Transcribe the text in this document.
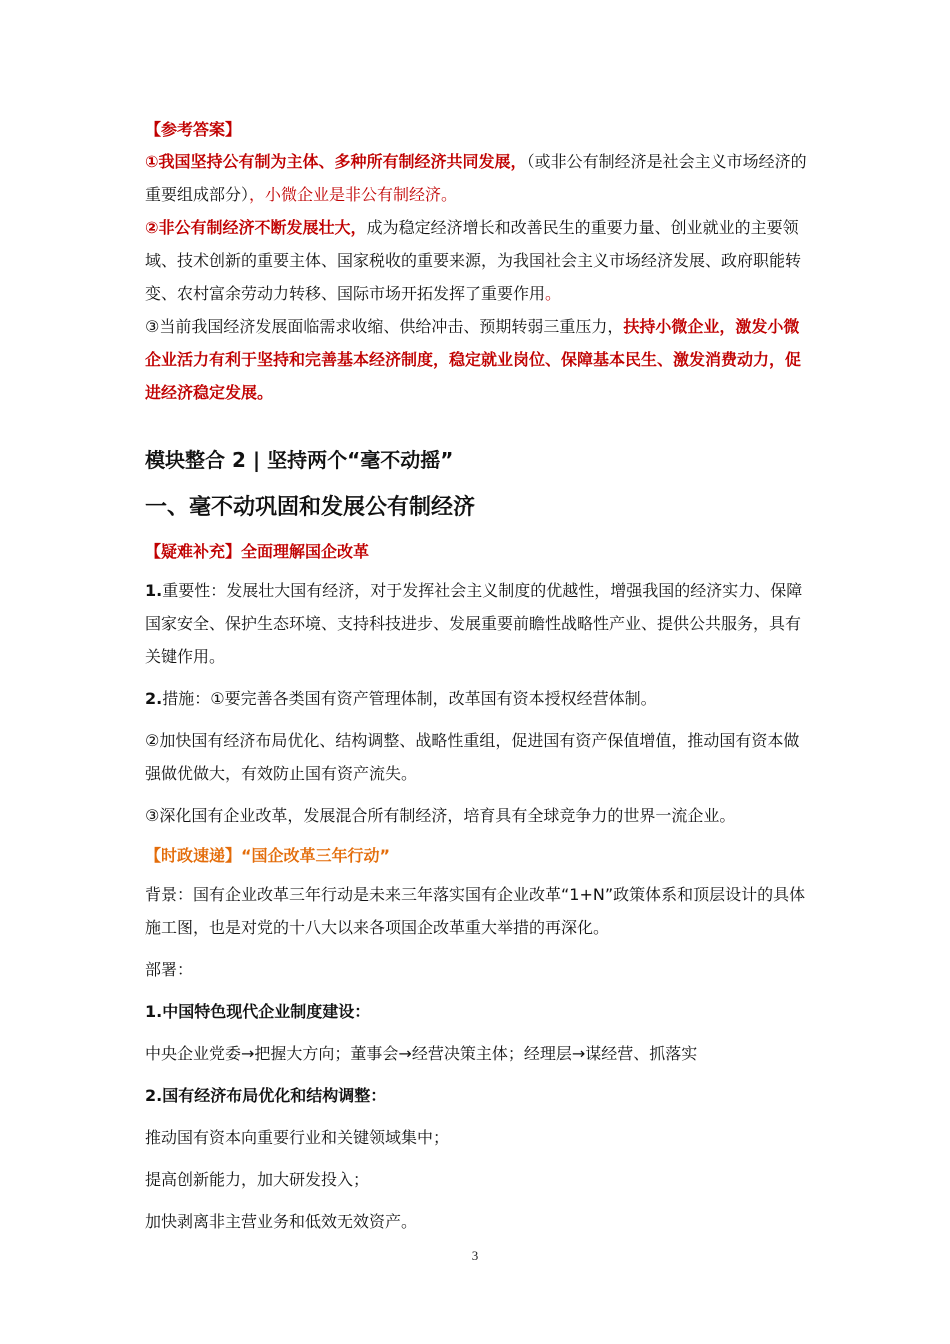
【参考答案】

①我国坚持公有制为主体、多种所有制经济共同发展，（或非公有制经济是社会主义市场经济的重要组成部分），小微企业是非公有制经济。

②非公有制经济不断发展壮大，成为稳定经济增长和改善民生的重要力量、创业就业的主要领域、技术创新的重要主体、国家税收的重要来源，为我国社会主义市场经济发展、政府职能转变、农村富余劳动力转移、国际市场开拓发挥了重要作用。

③当前我国经济发展面临需求收缩、供给冲击、预期转弱三重压力，扶持小微企业，激发小微企业活力有利于坚持和完善基本经济制度，稳定就业岗位、保障基本民生、激发消费动力，促进经济稳定发展。

模块整合 2 | 坚持两个“毫不动摇”

一、毫不动巩固和发展公有制经济

【疑难补充】全面理解国企改革

1.重要性：发展壮大国有经济，对于发挥社会主义制度的优越性，增强我国的经济实力、保障国家安全、保护生态环境、支持科技进步、发展重要前瞻性战略性产业、提供公共服务，具有关键作用。

2.措施：①要完善各类国有资产管理体制，改革国有资本授权经营体制。

②加快国有经济布局优化、结构调整、战略性重组，促进国有资产保值增值，推动国有资本做强做优做大，有效防止国有资产流失。

③深化国有企业改革，发展混合所有制经济，培育具有全球竞争力的世界一流企业。

【时政速递】“国企改革三年行动”

背景：国有企业改革三年行动是未来三年落实国有企业改革“1+N”政策体系和顶层设计的具体施工图，也是对党的十八大以来各项国企改革重大举措的再深化。

部署：

1.中国特色现代企业制度建设：

中央企业党委→把握大方向；董事会→经营决策主体；经理层→谋经营、抓落实

2.国有经济布局优化和结构调整：

推动国有资本向重要行业和关键领域集中；

提高创新能力，加大研发投入；

加快剥离非主营业务和低效无效资产。

3
